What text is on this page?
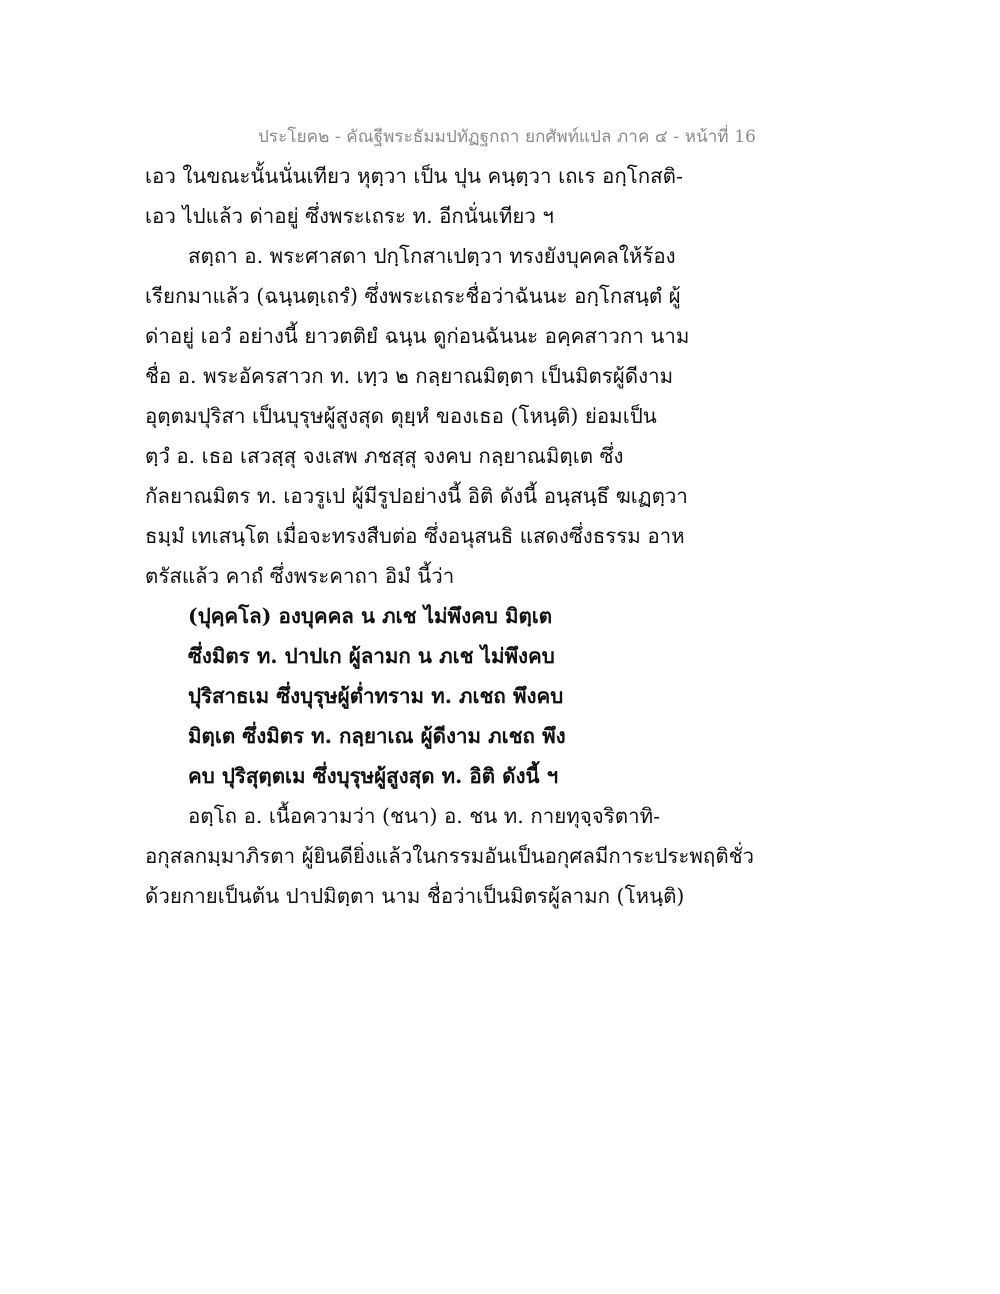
ประโยค๒ - คัณฐีพระธัมมปทัฏฐกถา ยกศัพท์แปล ภาค ๔ - หน้าที่ 16
เอว ในขณะนั้นนั่นเทียว หุตฺวา เป็น ปุน คนฺตฺวา เถเร อกฺโกสติ-
เอว ไปแล้ว ด่าอยู่ ซึ่งพระเถระ ท. อีกนั่นเทียว ฯ
สตฺถา อ. พระศาสดา ปกฺโกสาเปตฺวา ทรงยังบุคคลให้ร้อง
เรียกมาแล้ว (ฉนฺนตฺเถรํ) ซึ่งพระเถระชื่อว่าฉันนะ อกฺโกสนฺตํ ผู้
ด่าอยู่ เอวํ อย่างนี้ ยาวตติยํ ฉนฺน ดูก่อนฉันนะ อคฺคสาวกา นาม
ชื่อ อ. พระอัครสาวก ท. เทฺว ๒ กลฺยาณมิตฺตา เป็นมิตรผู้ดีงาม
อุตฺตมปุริสา เป็นบุรุษผู้สูงสุด ตุยฺหํ ของเธอ (โหนฺติ) ย่อมเป็น
ตฺวํ อ. เธอ เสวสฺสุ จงเสพ ภชสฺสุ จงคบ กลฺยาณมิตฺเต ซึ่ง
กัลยาณมิตร ท. เอวรูเป ผู้มีรูปอย่างนี้ อิติ ดังนี้ อนฺสนฺธึ ฆเฏตฺวา
ธมฺมํ เทเสนฺโต เมื่อจะทรงสืบต่อ ซึ่งอนุสนธิ แสดงซึ่งธรรม อาห
ตรัสแล้ว คาถํ ซึ่งพระคาถา อิมํ นี้ว่า
(ปุคฺคโล) องบุคคล น ภเช ไม่พึงคบ มิตฺเต
ซึ่งมิตร ท. ปาปเก ผู้ลามก น ภเช ไม่พึงคบ
ปุริสาธเม ซึ่งบุรุษผู้ต่ำทราม ท. ภเชถ พึงคบ
มิตฺเต ซึ่งมิตร ท. กลฺยาเณ ผู้ดีงาม ภเชถ พึง
คบ ปุริสุตฺตเม ซึ่งบุรุษผู้สูงสุด ท. อิติ ดังนี้ ฯ
อตฺโถ อ. เนื้อความว่า (ชนา) อ. ชน ท. กายทุจฺจริตาทิ-
อกุสลกมฺมาภิรตา ผู้ยินดียิ่งแล้วในกรรมอันเป็นอกุศลมีการะประพฤติชั่ว
ด้วยกายเป็นต้น ปาปมิตฺตา นาม ชื่อว่าเป็นมิตรผู้ลามก (โหนฺติ)
